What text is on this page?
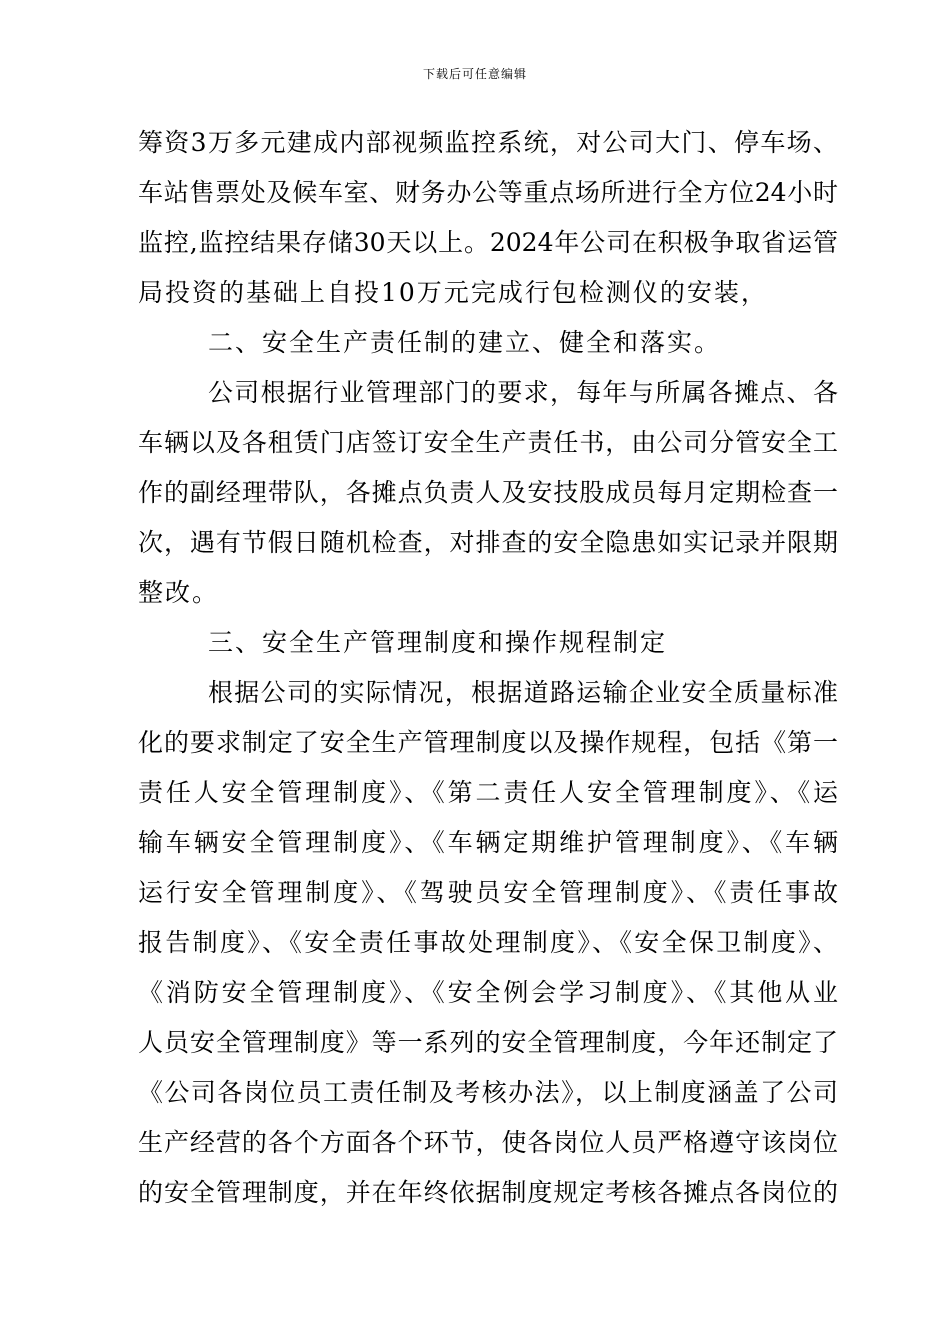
下载后可任意编辑
筹资3万多元建成内部视频监控系统，对公司大门、停车场、
车站售票处及候车室、财务办公等重点场所进行全方位24小时
监控,监控结果存储30天以上。2024年公司在积极争取省运管
局投资的基础上自投10万元完成行包检测仪的安装，
二、安全生产责任制的建立、健全和落实。
公司根据行业管理部门的要求，每年与所属各摊点、各
车辆以及各租赁门店签订安全生产责任书，由公司分管安全工
作的副经理带队，各摊点负责人及安技股成员每月定期检查一
次，遇有节假日随机检查，对排查的安全隐患如实记录并限期
整改。
三、安全生产管理制度和操作规程制定
根据公司的实际情况，根据道路运输企业安全质量标准
化的要求制定了安全生产管理制度以及操作规程，包括《第一
责任人安全管理制度》、《第二责任人安全管理制度》、《运
输车辆安全管理制度》、《车辆定期维护管理制度》、《车辆
运行安全管理制度》、《驾驶员安全管理制度》、《责任事故
报告制度》、《安全责任事故处理制度》、《安全保卫制度》、
《消防安全管理制度》、《安全例会学习制度》、《其他从业
人员安全管理制度》等一系列的安全管理制度，今年还制定了
《公司各岗位员工责任制及考核办法》，以上制度涵盖了公司
生产经营的各个方面各个环节，使各岗位人员严格遵守该岗位
的安全管理制度，并在年终依据制度规定考核各摊点各岗位的
